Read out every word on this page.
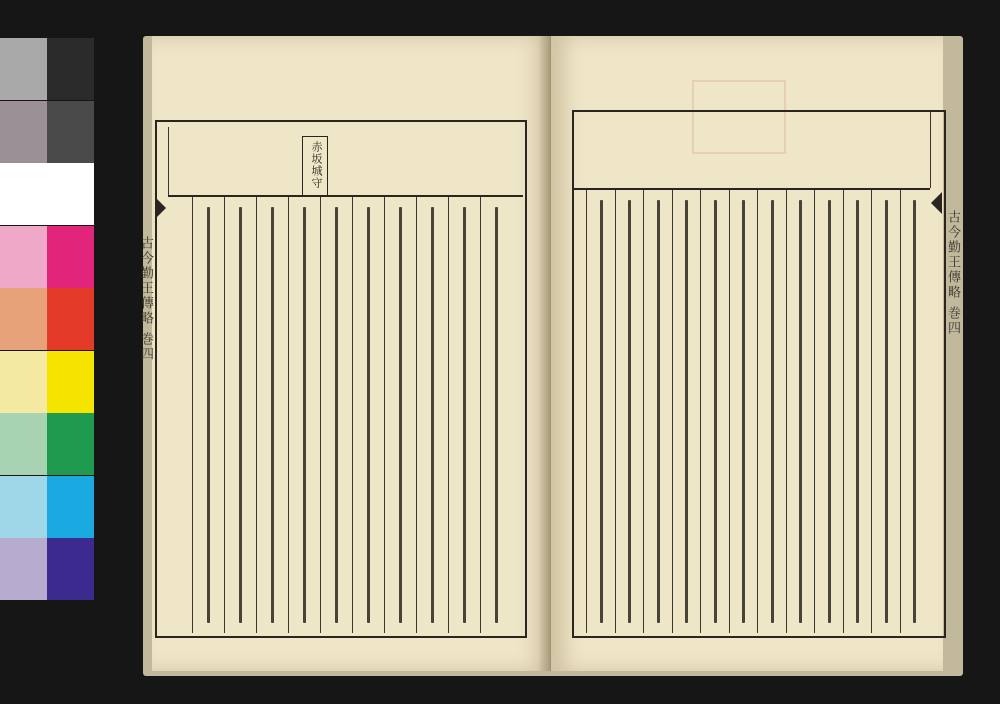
赤坂城守
古今勤王傳略 巻四	古今勤王傳略 巻四
